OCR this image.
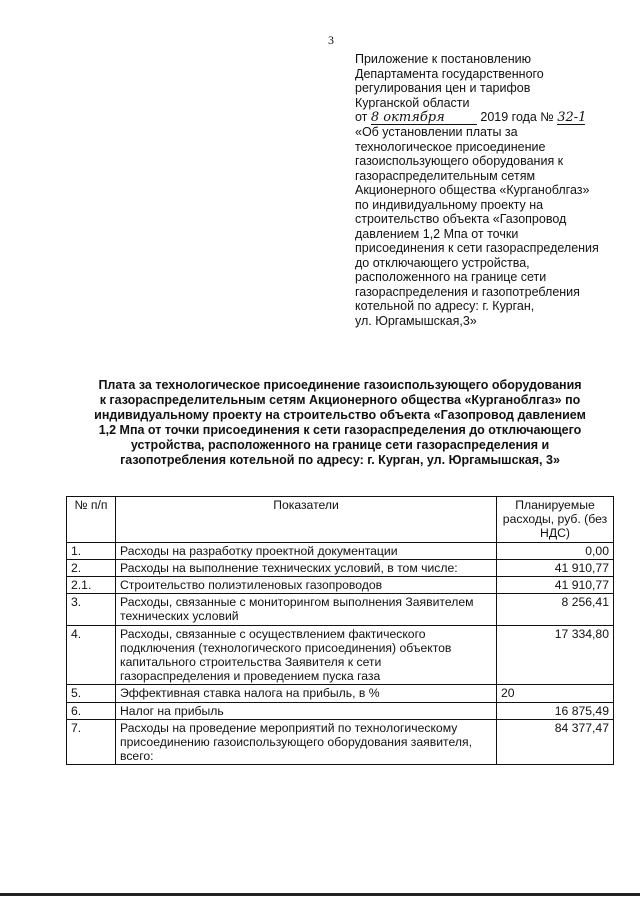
3
Приложение к постановлению
Департамента государственного
регулирования цен и тарифов
Курганской области
от 8 октября	2019 года № 32-1
«Об установлении платы за
технологическое присоединение
газоиспользующего оборудования к
газораспределительным сетям
Акционерного общества «Курганоблгаз»
по индивидуальному проекту на
строительство объекта «Газопровод
давлением 1,2 Мпа от точки
присоединения к сети газораспределения
до отключающего устройства,
расположенного на границе сети
газораспределения и газопотребления
котельной по адресу: г. Курган,
ул. Юргамышская,3»
Плата за технологическое присоединение газоиспользующего оборудования
к газораспределительным сетям Акционерного общества «Курганоблгаз» по
индивидуальному проекту на строительство объекта «Газопровод давлением
1,2 Мпа от точки присоединения к сети газораспределения до отключающего
устройства, расположенного на границе сети газораспределения и
газопотребления котельной по адресу: г. Курган, ул. Юргамышская, 3»
№ п/п	Показатели	Планируемые расходы, руб. (без НДС)
1.	Расходы на разработку проектной документации	0,00
2.	Расходы на выполнение технических условий, в том числе:	41 910,77
2.1.	Строительство полиэтиленовых газопроводов	41 910,77
3.	Расходы, связанные с мониторингом выполнения Заявителем технических условий	8 256,41
4.	Расходы, связанные с осуществлением фактического подключения (технологического присоединения) объектов капитального строительства Заявителя к сети газораспределения и проведением пуска газа	17 334,80
5.	Эффективная ставка налога на прибыль, в %	20
6.	Налог на прибыль	16 875,49
7.	Расходы на проведение мероприятий по технологическому присоединению газоиспользующего оборудования заявителя, всего:	84 377,47
